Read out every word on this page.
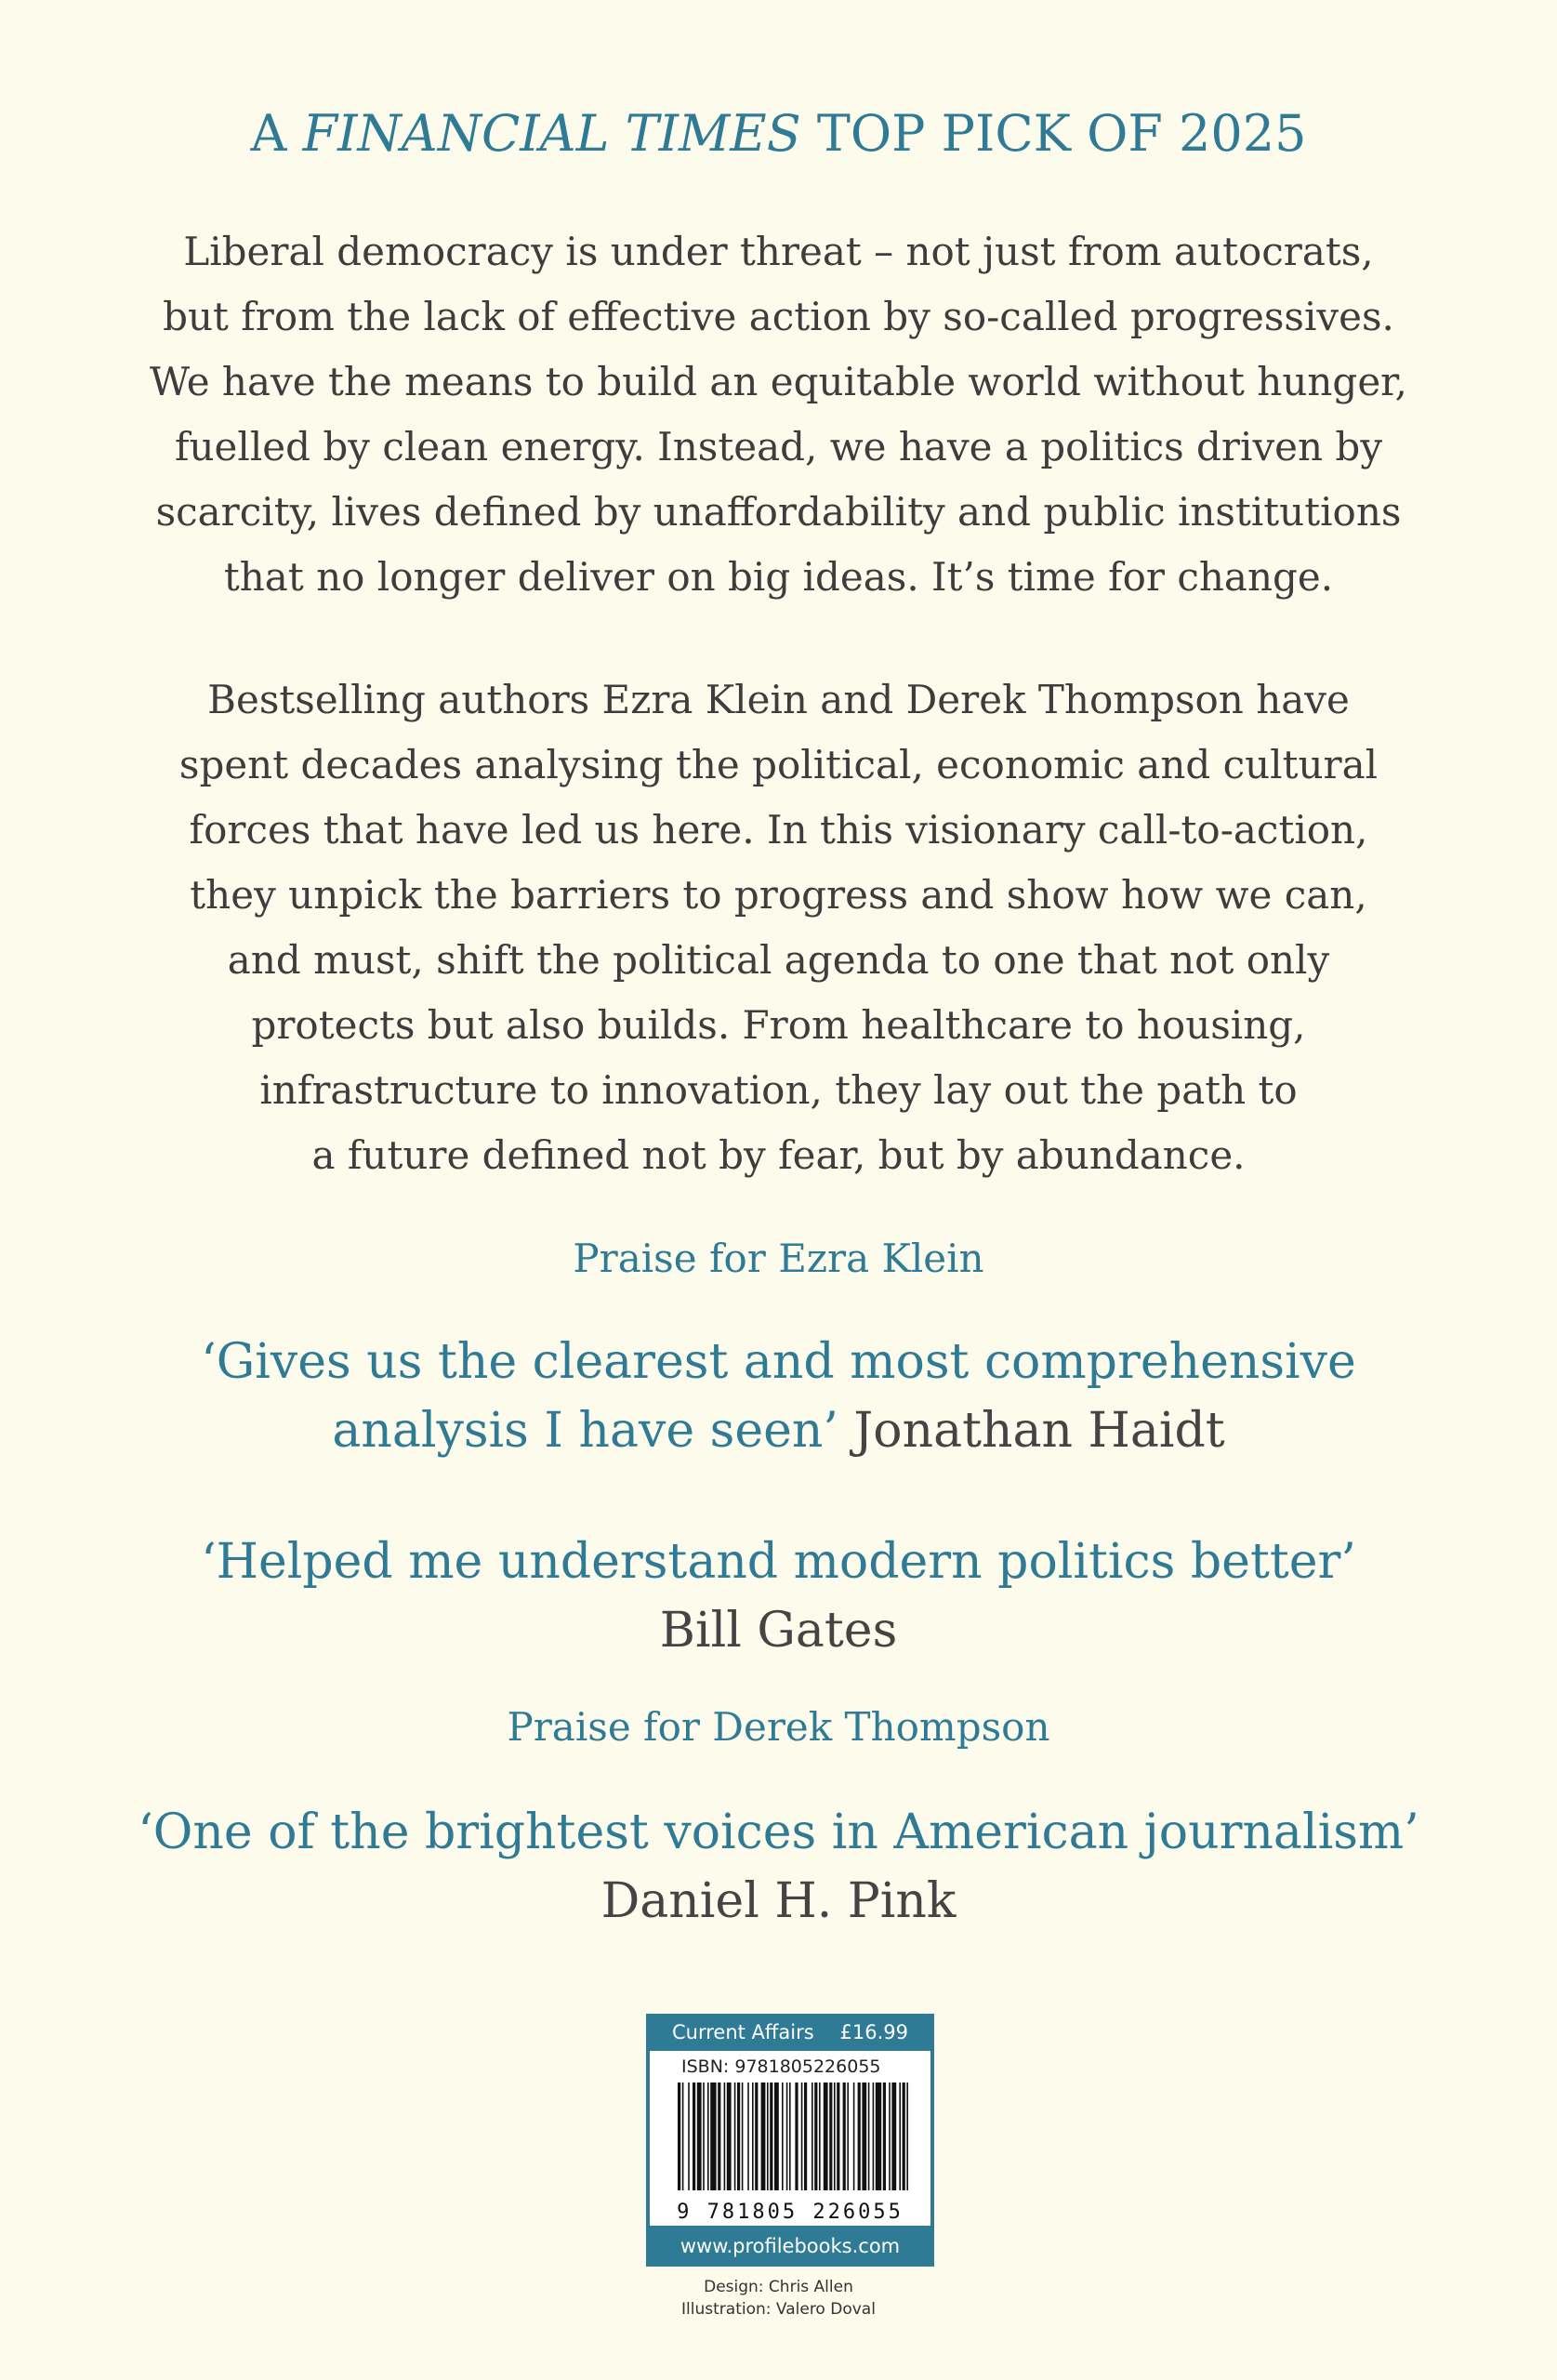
A FINANCIAL TIMES TOP PICK OF 2025

Liberal democracy is under threat – not just from autocrats,
but from the lack of effective action by so-called progressives.
We have the means to build an equitable world without hunger,
fuelled by clean energy. Instead, we have a politics driven by
scarcity, lives defined by unaffordability and public institutions
that no longer deliver on big ideas. It’s time for change.

Bestselling authors Ezra Klein and Derek Thompson have
spent decades analysing the political, economic and cultural
forces that have led us here. In this visionary call-to-action,
they unpick the barriers to progress and show how we can,
and must, shift the political agenda to one that not only
protects but also builds. From healthcare to housing,
infrastructure to innovation, they lay out the path to
a future defined not by fear, but by abundance.

Praise for Ezra Klein

‘Gives us the clearest and most comprehensive
analysis I have seen’ Jonathan Haidt

‘Helped me understand modern politics better’
Bill Gates

Praise for Derek Thompson

‘One of the brightest voices in American journalism’
Daniel H. Pink

Current Affairs £16.99
ISBN: 9781805226055
9 781805 226055
www.profilebooks.com
Design: Chris Allen
Illustration: Valero Doval
